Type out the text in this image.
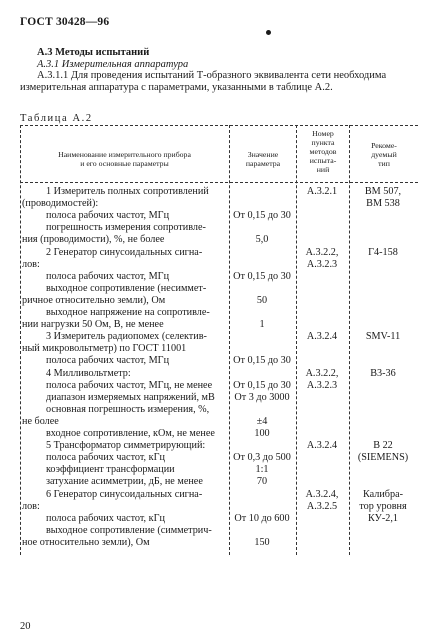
ГОСТ 30428—96
А.3 Методы испытаний
А.3.1 Измерительная аппаратура
А.3.1.1 Для проведения испытаний Т-образного эквивалента сети необходима измерительная аппаратура с параметрами, указанными в таблице А.2.
Таблица А.2
Наименование измерительного прибора
и его основные параметры
Значение
параметра
Номер
пункта
методов
испыта-
ний
Рекоме-
дуемый
тип
1 Измеритель полных сопротивлений	А.3.2.1	ВМ 507,
(проводимостей):	ВМ 538
полоса рабочих частот, МГц	От 0,15 до 30
погрешность измерения сопротивле-
ния (проводимости), %, не более	5,0
2 Генератор синусоидальных сигна-	А.3.2.2,	Г4-158
лов:	А.3.2.3
полоса рабочих частот, МГц	От 0,15 до 30
выходное сопротивление (несиммет-
ричное относительно земли), Ом	50
выходное напряжение на сопротивле-
нии нагрузки 50 Ом, В, не менее	1
3 Измеритель радиопомех (селектив-	А.3.2.4	SMV-11
ный микровольтметр) по ГОСТ 11001
полоса рабочих частот, МГц	От 0,15 до 30
4 Милливольтметр:	А.3.2.2,	В3-36
полоса рабочих частот, МГц, не менее	От 0,15 до 30	А.3.2.3
диапазон измеряемых напряжений, мВ	От 3 до 3000
основная погрешность измерения, %,
не более	±4
входное сопротивление, кОм, не менее	100
5 Трансформатор симметрирующий:	А.3.2.4	В 22
полоса рабочих частот, кГц	От 0,3 до 500	(SIEMENS)
коэффициент трансформации	1:1
затухание асимметрии, дБ, не менее	70
6 Генератор синусоидальных сигна-	А.3.2.4,	Калибра-
лов:	А.3.2.5	тор уровня
полоса рабочих частот, кГц	От 10 до 600	КУ-2,1
выходное сопротивление (симметрич-
ное относительно земли), Ом	150
20
